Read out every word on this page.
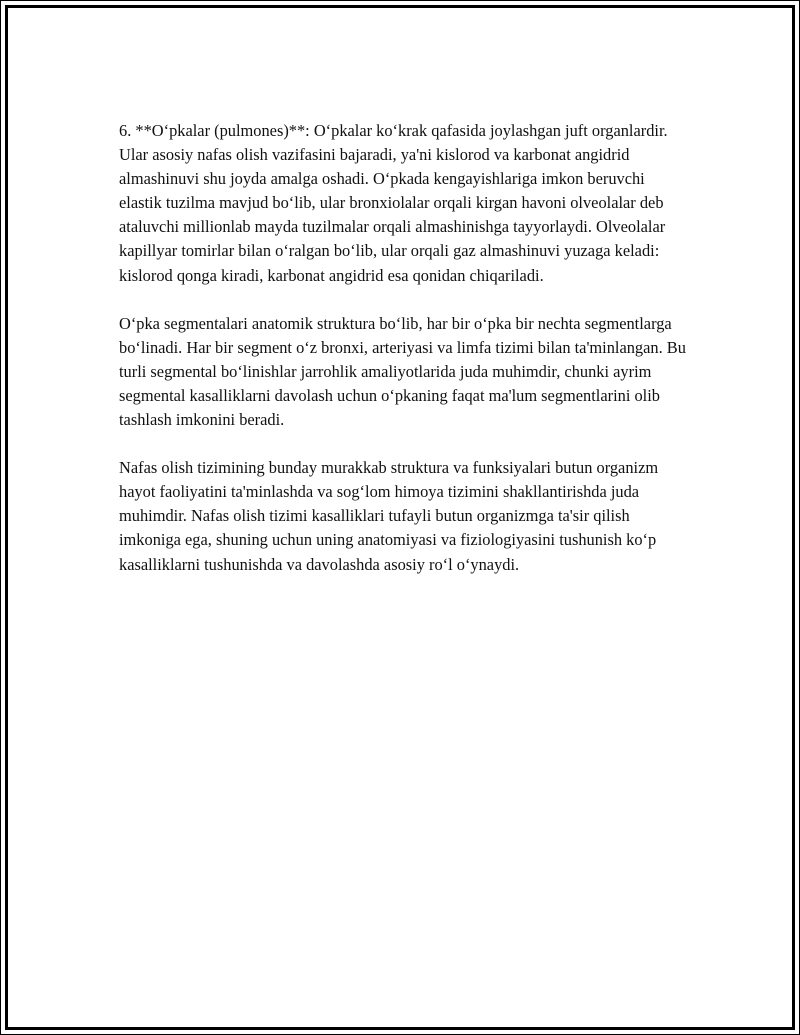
6. **O‘pkalar (pulmones)**: O‘pkalar ko‘krak qafasida joylashgan juft organlardir. Ular asosiy nafas olish vazifasini bajaradi, ya'ni kislorod va karbonat angidrid almashinuvi shu joyda amalga oshadi. O‘pkada kengayishlariga imkon beruvchi elastik tuzilma mavjud bo‘lib, ular bronxiolalar orqali kirgan havoni olveolalar deb ataluvchi millionlab mayda tuzilmalar orqali almashinishga tayyorlaydi. Olveolalar kapillyar tomirlar bilan o‘ralgan bo‘lib, ular orqali gaz almashinuvi yuzaga keladi: kislorod qonga kiradi, karbonat angidrid esa qonidan chiqariladi.

O‘pka segmentalari anatomik struktura bo‘lib, har bir o‘pka bir nechta segmentlarga bo‘linadi. Har bir segment o‘z bronxi, arteriyasi va limfa tizimi bilan ta'minlangan. Bu turli segmental bo‘linishlar jarrohlik amaliyotlarida juda muhimdir, chunki ayrim segmental kasalliklarni davolash uchun o‘pkaning faqat ma'lum segmentlarini olib tashlash imkonini beradi.

Nafas olish tizimining bunday murakkab struktura va funksiyalari butun organizm hayot faoliyatini ta'minlashda va sog‘lom himoya tizimini shakllantirishda juda muhimdir. Nafas olish tizimi kasalliklari tufayli butun organizmga ta'sir qilish imkoniga ega, shuning uchun uning anatomiyasi va fiziologiyasini tushunish ko‘p kasalliklarni tushunishda va davolashda asosiy ro‘l o‘ynaydi.
